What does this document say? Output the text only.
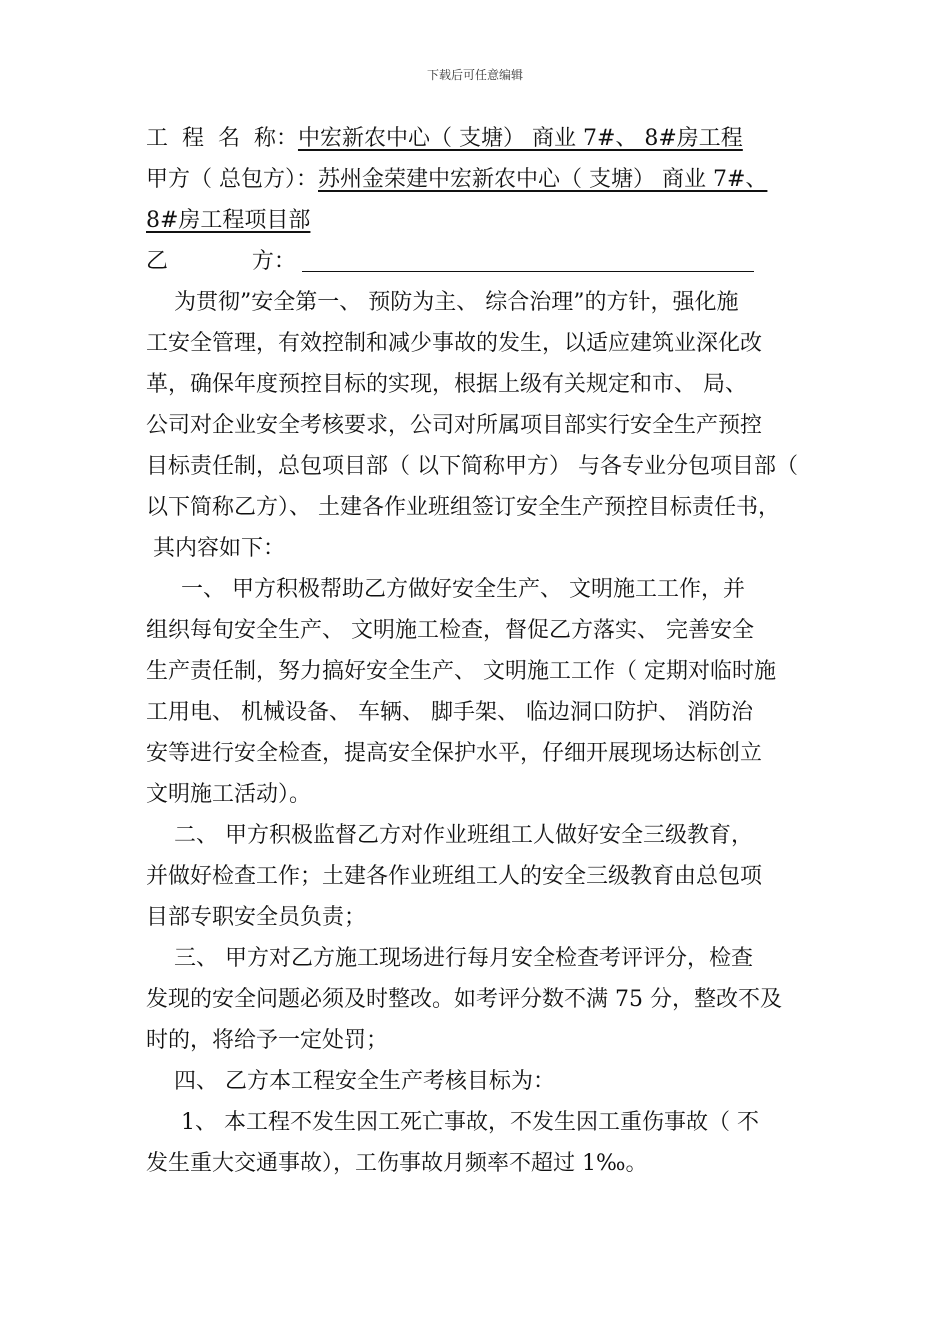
下载后可任意编辑
工  程  名  称：中宏新农中心（ 支塘） 商业 7#、 8#房工程
甲方（ 总包方）：苏州金荣建中宏新农中心（ 支塘） 商业 7#、
8#房工程项目部
乙            方：
为贯彻”安全第一、 预防为主、 综合治理”的方针，强化施
工安全管理，有效控制和减少事故的发生，以适应建筑业深化改
革，确保年度预控目标的实现，根据上级有关规定和市、 局、
公司对企业安全考核要求，公司对所属项目部实行安全生产预控
目标责任制，总包项目部（ 以下简称甲方） 与各专业分包项目部（
以下简称乙方）、 土建各作业班组签订安全生产预控目标责任书，
其内容如下：
一、 甲方积极帮助乙方做好安全生产、 文明施工工作，并
组织每旬安全生产、 文明施工检查，督促乙方落实、 完善安全
生产责任制，努力搞好安全生产、 文明施工工作（ 定期对临时施
工用电、 机械设备、 车辆、 脚手架、 临边洞口防护、 消防治
安等进行安全检查，提高安全保护水平，仔细开展现场达标创立
文明施工活动）。
二、 甲方积极监督乙方对作业班组工人做好安全三级教育，
并做好检查工作；土建各作业班组工人的安全三级教育由总包项
目部专职安全员负责；
三、 甲方对乙方施工现场进行每月安全检查考评评分，检查
发现的安全问题必须及时整改。如考评分数不满 75 分，整改不及
时的，将给予一定处罚；
四、 乙方本工程安全生产考核目标为：
1、 本工程不发生因工死亡事故，不发生因工重伤事故（ 不
发生重大交通事故），工伤事故月频率不超过 1‰。
